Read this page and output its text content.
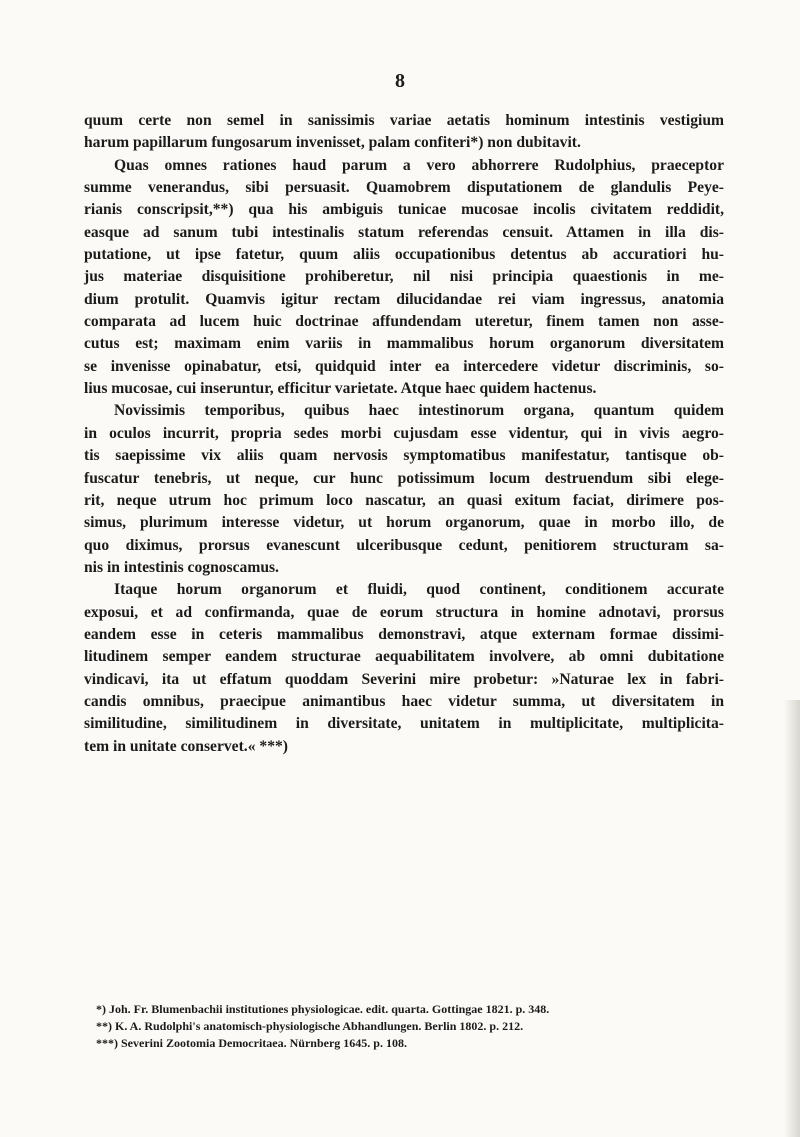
8
quum certe non semel in sanissimis variae aetatis hominum intestinis vestigium
harum papillarum fungosarum invenisset, palam confiteri*) non dubitavit.
Quas omnes rationes haud parum a vero abhorrere Rudolphius, praeceptor
summe venerandus, sibi persuasit. Quamobrem disputationem de glandulis Peye-
rianis conscripsit,**) qua his ambiguis tunicae mucosae incolis civitatem reddidit,
easque ad sanum tubi intestinalis statum referendas censuit. Attamen in illa dis-
putatione, ut ipse fatetur, quum aliis occupationibus detentus ab accuratiori hu-
jus materiae disquisitione prohiberetur, nil nisi principia quaestionis in me-
dium protulit. Quamvis igitur rectam dilucidandae rei viam ingressus, anatomia
comparata ad lucem huic doctrinae affundendam uteretur, finem tamen non asse-
cutus est; maximam enim variis in mammalibus horum organorum diversitatem
se invenisse opinabatur, etsi, quidquid inter ea intercedere videtur discriminis, so-
lius mucosae, cui inseruntur, efficitur varietate. Atque haec quidem hactenus.
Novissimis temporibus, quibus haec intestinorum organa, quantum quidem
in oculos incurrit, propria sedes morbi cujusdam esse videntur, qui in vivis aegro-
tis saepissime vix aliis quam nervosis symptomatibus manifestatur, tantisque ob-
fuscatur tenebris, ut neque, cur hunc potissimum locum destruendum sibi elege-
rit, neque utrum hoc primum loco nascatur, an quasi exitum faciat, dirimere pos-
simus, plurimum interesse videtur, ut horum organorum, quae in morbo illo, de
quo diximus, prorsus evanescunt ulceribusque cedunt, penitiorem structuram sa-
nis in intestinis cognoscamus.
Itaque horum organorum et fluidi, quod continent, conditionem accurate
exposui, et ad confirmanda, quae de eorum structura in homine adnotavi, prorsus
eandem esse in ceteris mammalibus demonstravi, atque externam formae dissimi-
litudinem semper eandem structurae aequabilitatem involvere, ab omni dubitatione
vindicavi, ita ut effatum quoddam Severini mire probetur: »Naturae lex in fabri-
candis omnibus, praecipue animantibus haec videtur summa, ut diversitatem in
similitudine, similitudinem in diversitate, unitatem in multiplicitate, multiplicita-
tem in unitate conservet.« ***)
*) Joh. Fr. Blumenbachii institutiones physiologicae. edit. quarta. Gottingae 1821. p. 348.
**) K. A. Rudolphi's anatomisch-physiologische Abhandlungen. Berlin 1802. p. 212.
***) Severini Zootomia Democritaea. Nürnberg 1645. p. 108.
